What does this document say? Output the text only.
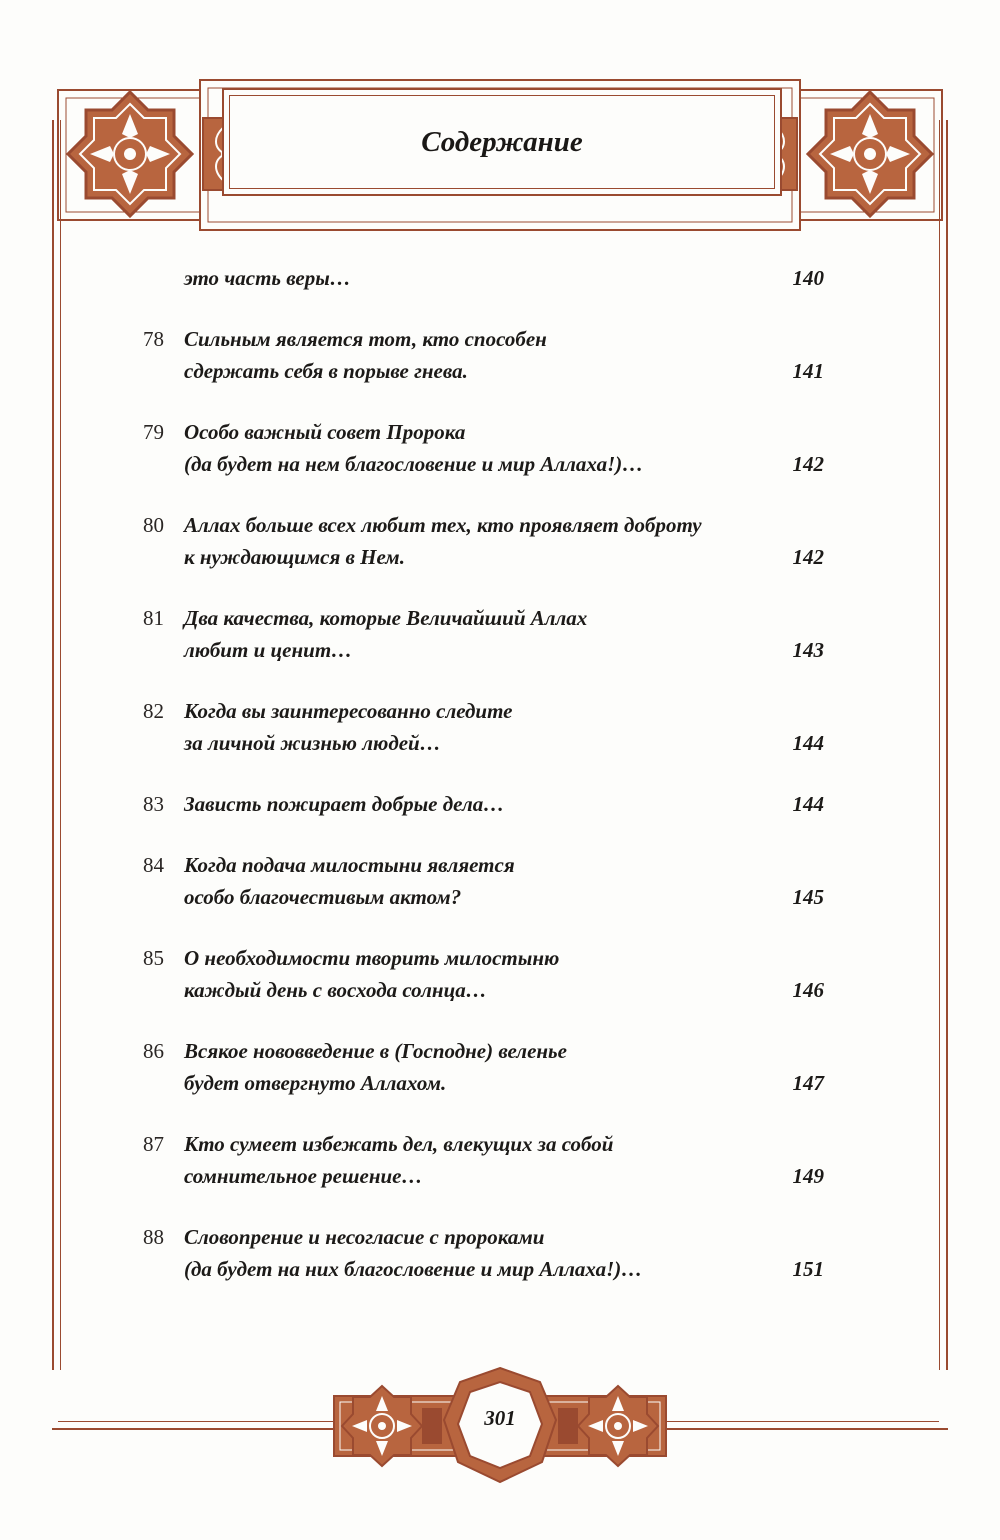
Содержание
это часть веры…	140
78 Сильным является тот, кто способен
сдержать себя в порыве гнева.	141
79 Особо важный совет Пророка
(да будет на нем благословение и мир Аллаха!)…	142
80 Аллах больше всех любит тех, кто проявляет доброту
к нуждающимся в Нем.	142
81 Два качества, которые Величайший Аллах
любит и ценит…	143
82 Когда вы заинтересованно следите
за личной жизнью людей…	144
83 Зависть пожирает добрые дела…	144
84 Когда подача милостыни является
особо благочестивым актом?	145
85 О необходимости творить милостыню
каждый день с восхода солнца…	146
86 Всякое нововведение в (Господне) веленье
будет отвергнуто Аллахом.	147
87 Кто сумеет избежать дел, влекущих за собой
сомнительное решение…	149
88 Словопрение и несогласие с пророками
(да будет на них благословение и мир Аллаха!)…	151
301
